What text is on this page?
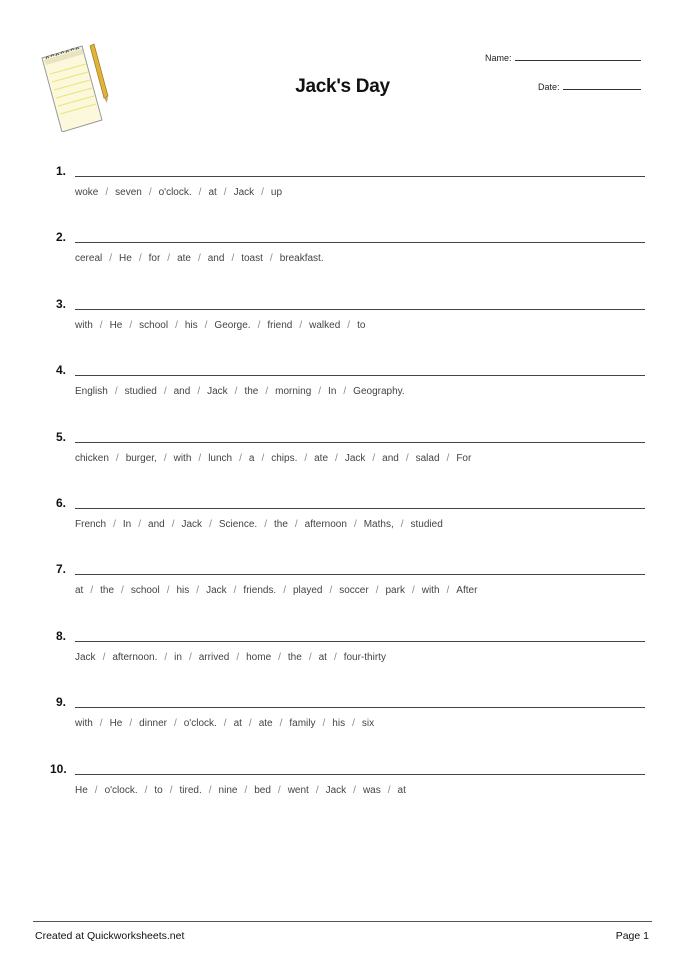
Name:
Date:
Jack's Day
1.
woke / seven / o'clock. / at / Jack / up
2.
cereal / He / for / ate / and / toast / breakfast.
3.
with / He / school / his / George. / friend / walked / to
4.
English / studied / and / Jack / the / morning / In / Geography.
5.
chicken / burger, / with / lunch / a / chips. / ate / Jack / and / salad / For
6.
French / In / and / Jack / Science. / the / afternoon / Maths, / studied
7.
at / the / school / his / Jack / friends. / played / soccer / park / with / After
8.
Jack / afternoon. / in / arrived / home / the / at / four-thirty
9.
with / He / dinner / o'clock. / at / ate / family / his / six
10.
He / o'clock. / to / tired. / nine / bed / went / Jack / was / at
Created at Quickworksheets.net	Page 1
